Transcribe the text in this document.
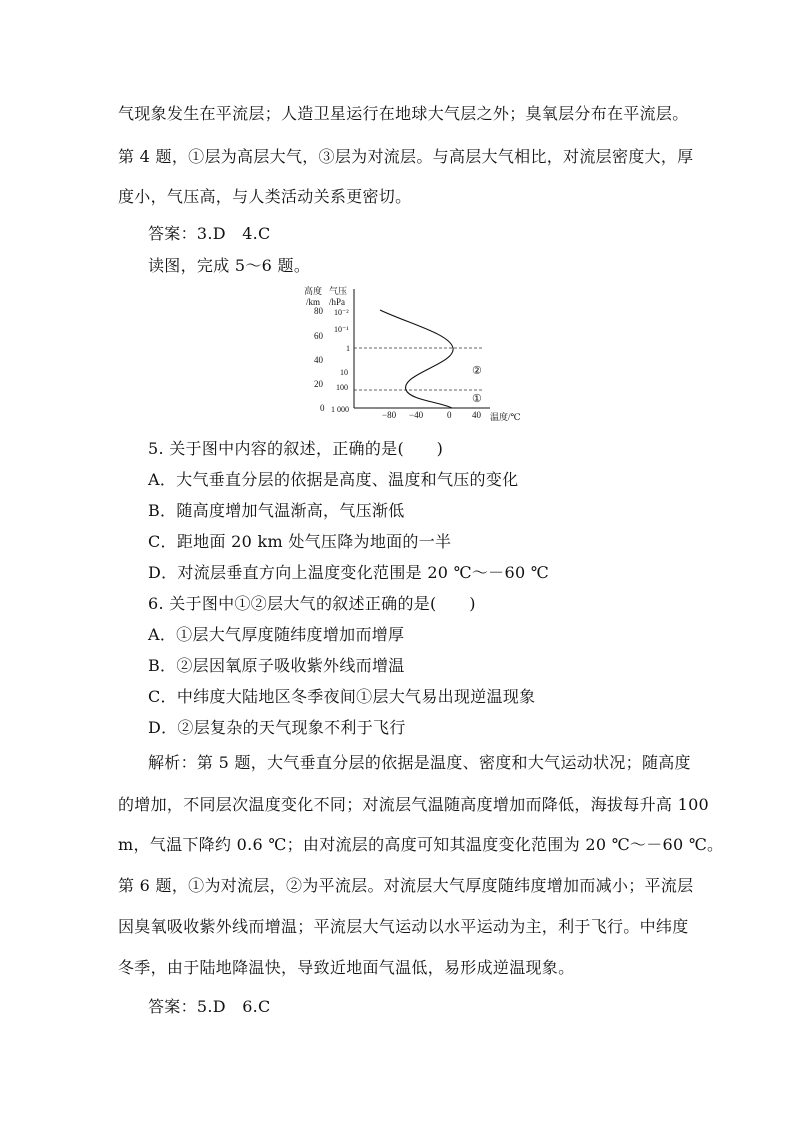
气现象发生在平流层；人造卫星运行在地球大气层之外；臭氧层分布在平流层。
第 4 题，①层为高层大气，③层为对流层。与高层大气相比，对流层密度大，厚
度小，气压高，与人类活动关系更密切。
答案：3.D　4.C
读图，完成 5～6 题。
高度
/km
气压
/hPa
80
60
40
20
0
10⁻²
10⁻¹
1
10
100
1 000
②
①
−80 −40	0 40 温度/℃
5. 关于图中内容的叙述，正确的是(　　)
A．大气垂直分层的依据是高度、温度和气压的变化
B．随高度增加气温渐高，气压渐低
C．距地面 20 km 处气压降为地面的一半
D．对流层垂直方向上温度变化范围是 20 ℃～－60 ℃
6. 关于图中①②层大气的叙述正确的是(　　)
A．①层大气厚度随纬度增加而增厚
B．②层因氧原子吸收紫外线而增温
C．中纬度大陆地区冬季夜间①层大气易出现逆温现象
D．②层复杂的天气现象不利于飞行
解析：第 5 题，大气垂直分层的依据是温度、密度和大气运动状况；随高度
的增加，不同层次温度变化不同；对流层气温随高度增加而降低，海拔每升高 100
m，气温下降约 0.6 ℃；由对流层的高度可知其温度变化范围为 20 ℃～－60 ℃。
第 6 题，①为对流层，②为平流层。对流层大气厚度随纬度增加而减小；平流层
因臭氧吸收紫外线而增温；平流层大气运动以水平运动为主，利于飞行。中纬度
冬季，由于陆地降温快，导致近地面气温低，易形成逆温现象。
答案：5.D　6.C
